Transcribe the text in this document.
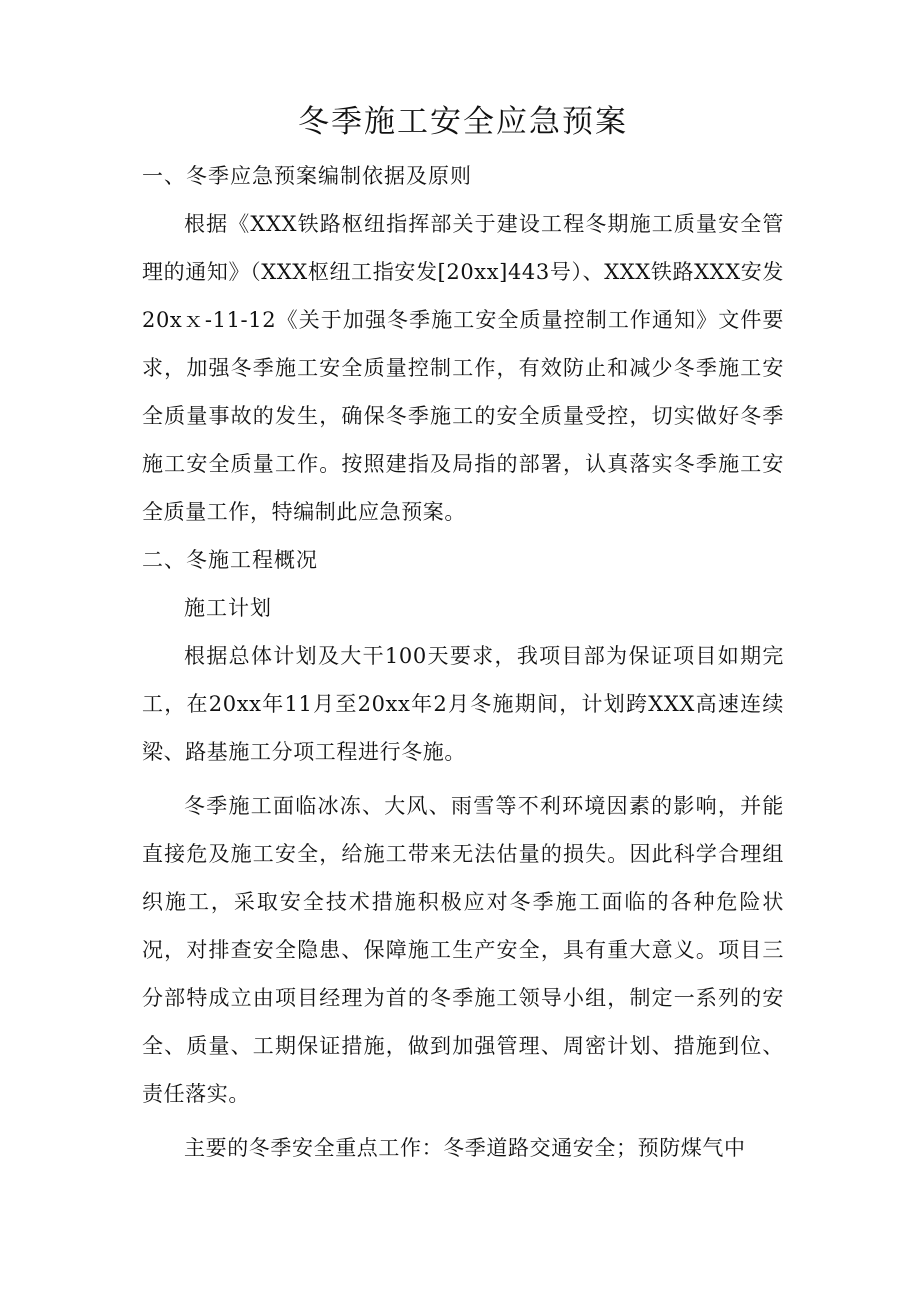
冬季施工安全应急预案

一、冬季应急预案编制依据及原则

根据《XXX铁路枢纽指挥部关于建设工程冬期施工质量安全管理的通知》（XXX枢纽工指安发[20xx]443号）、XXX铁路XXX安发20xｘ-11-12《关于加强冬季施工安全质量控制工作通知》文件要求，加强冬季施工安全质量控制工作，有效防止和减少冬季施工安全质量事故的发生，确保冬季施工的安全质量受控，切实做好冬季施工安全质量工作。按照建指及局指的部署，认真落实冬季施工安全质量工作，特编制此应急预案。

二、冬施工程概况

施工计划

根据总体计划及大干100天要求，我项目部为保证项目如期完工，在20xx年11月至20xx年2月冬施期间，计划跨XXX高速连续梁、路基施工分项工程进行冬施。

冬季施工面临冰冻、大风、雨雪等不利环境因素的影响，并能直接危及施工安全，给施工带来无法估量的损失。因此科学合理组织施工，采取安全技术措施积极应对冬季施工面临的各种危险状况，对排查安全隐患、保障施工生产安全，具有重大意义。项目三分部特成立由项目经理为首的冬季施工领导小组，制定一系列的安全、质量、工期保证措施，做到加强管理、周密计划、措施到位、责任落实。

主要的冬季安全重点工作：冬季道路交通安全；预防煤气中
